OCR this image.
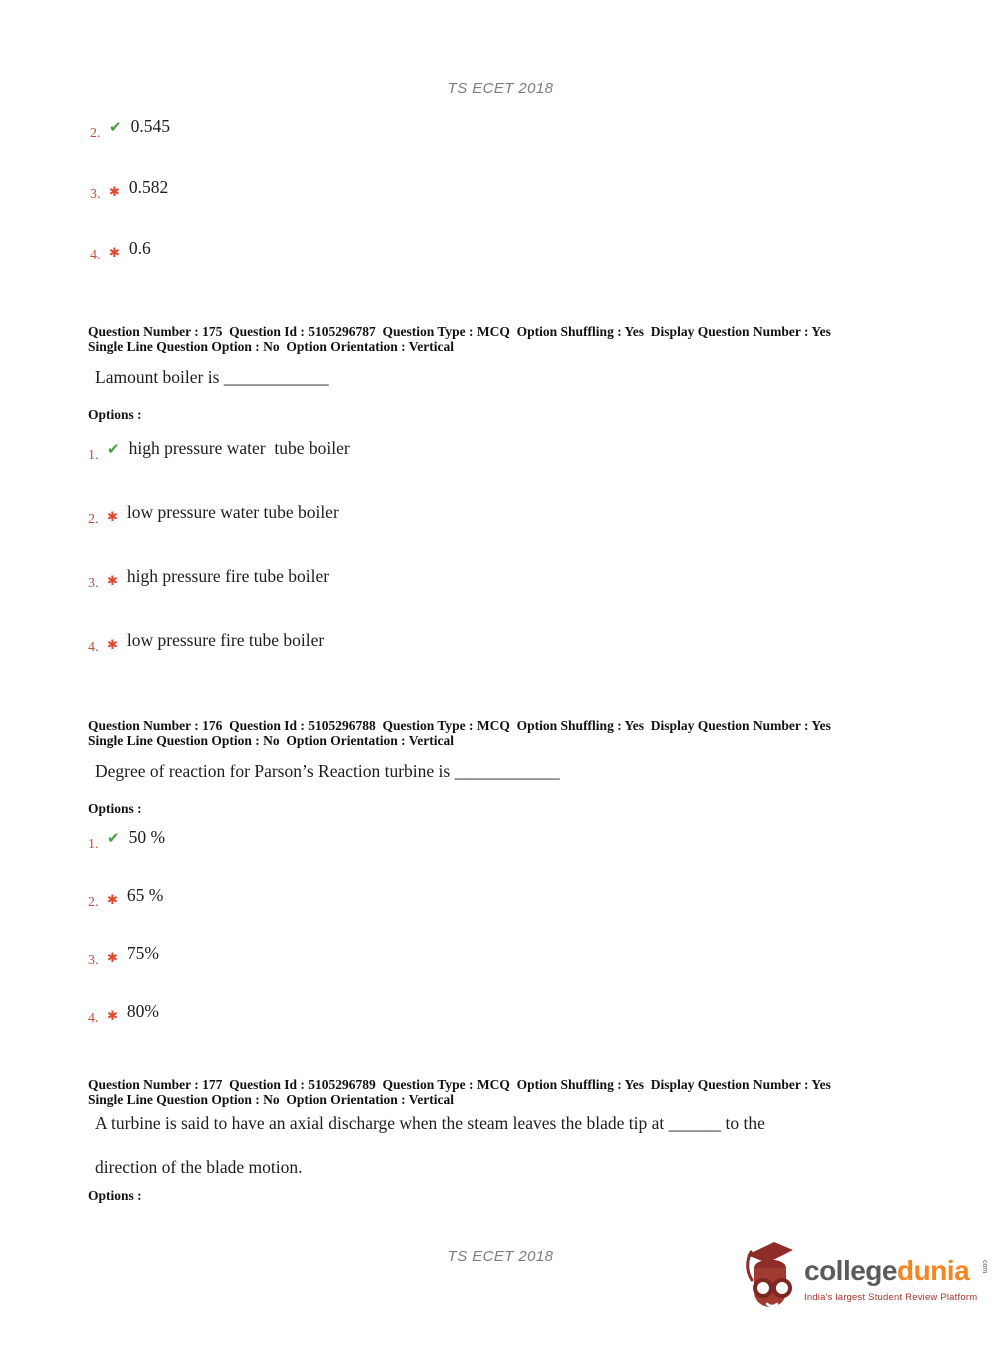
TS ECET 2018
2. ✔ 0.545
3. ✱ 0.582
4. ✱ 0.6
Question Number : 175  Question Id : 5105296787  Question Type : MCQ  Option Shuffling : Yes  Display Question Number : Yes
Single Line Question Option : No  Option Orientation : Vertical
Lamount boiler is ____________
Options :
1. ✔ high pressure water  tube boiler
2. ✱ low pressure water tube boiler
3. ✱ high pressure fire tube boiler
4. ✱ low pressure fire tube boiler
Question Number : 176  Question Id : 5105296788  Question Type : MCQ  Option Shuffling : Yes  Display Question Number : Yes
Single Line Question Option : No  Option Orientation : Vertical
Degree of reaction for Parson’s Reaction turbine is ____________
Options :
1. ✔ 50 %
2. ✱ 65 %
3. ✱ 75%
4. ✱ 80%
Question Number : 177  Question Id : 5105296789  Question Type : MCQ  Option Shuffling : Yes  Display Question Number : Yes
Single Line Question Option : No  Option Orientation : Vertical
A turbine is said to have an axial discharge when the steam leaves the blade tip at ______ to the
direction of the blade motion.
Options :
TS ECET 2018	college dunia	com
India's largest Student Review Platform
